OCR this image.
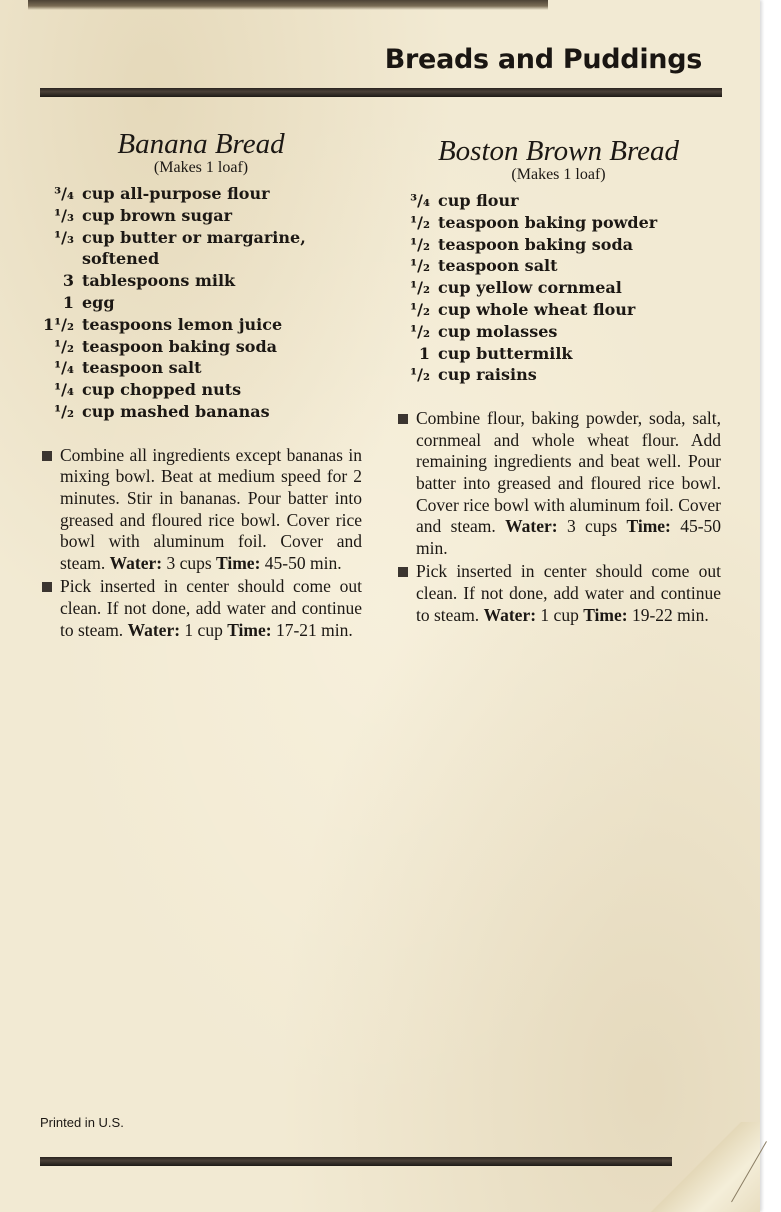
Breads and Puddings
Banana Bread
(Makes 1 loaf)
³/₄ cup all-purpose flour
¹/₃ cup brown sugar
¹/₃ cup butter or margarine, softened
3 tablespoons milk
1 egg
1¹/₂ teaspoons lemon juice
¹/₂ teaspoon baking soda
¹/₄ teaspoon salt
¹/₄ cup chopped nuts
¹/₂ cup mashed bananas
Combine all ingredients except bananas in mixing bowl. Beat at medium speed for 2 minutes. Stir in bananas. Pour batter into greased and floured rice bowl. Cover rice bowl with aluminum foil. Cover and steam. Water: 3 cups Time: 45-50 min.
Pick inserted in center should come out clean. If not done, add water and continue to steam. Water: 1 cup Time: 17-21 min.
Boston Brown Bread
(Makes 1 loaf)
³/₄ cup flour
¹/₂ teaspoon baking powder
¹/₂ teaspoon baking soda
¹/₂ teaspoon salt
¹/₂ cup yellow cornmeal
¹/₂ cup whole wheat flour
¹/₂ cup molasses
1 cup buttermilk
¹/₂ cup raisins
Combine flour, baking powder, soda, salt, cornmeal and whole wheat flour. Add remaining ingredients and beat well. Pour batter into greased and floured rice bowl. Cover rice bowl with aluminum foil. Cover and steam. Water: 3 cups Time: 45-50 min.
Pick inserted in center should come out clean. If not done, add water and continue to steam. Water: 1 cup Time: 19-22 min.
Printed in U.S.
